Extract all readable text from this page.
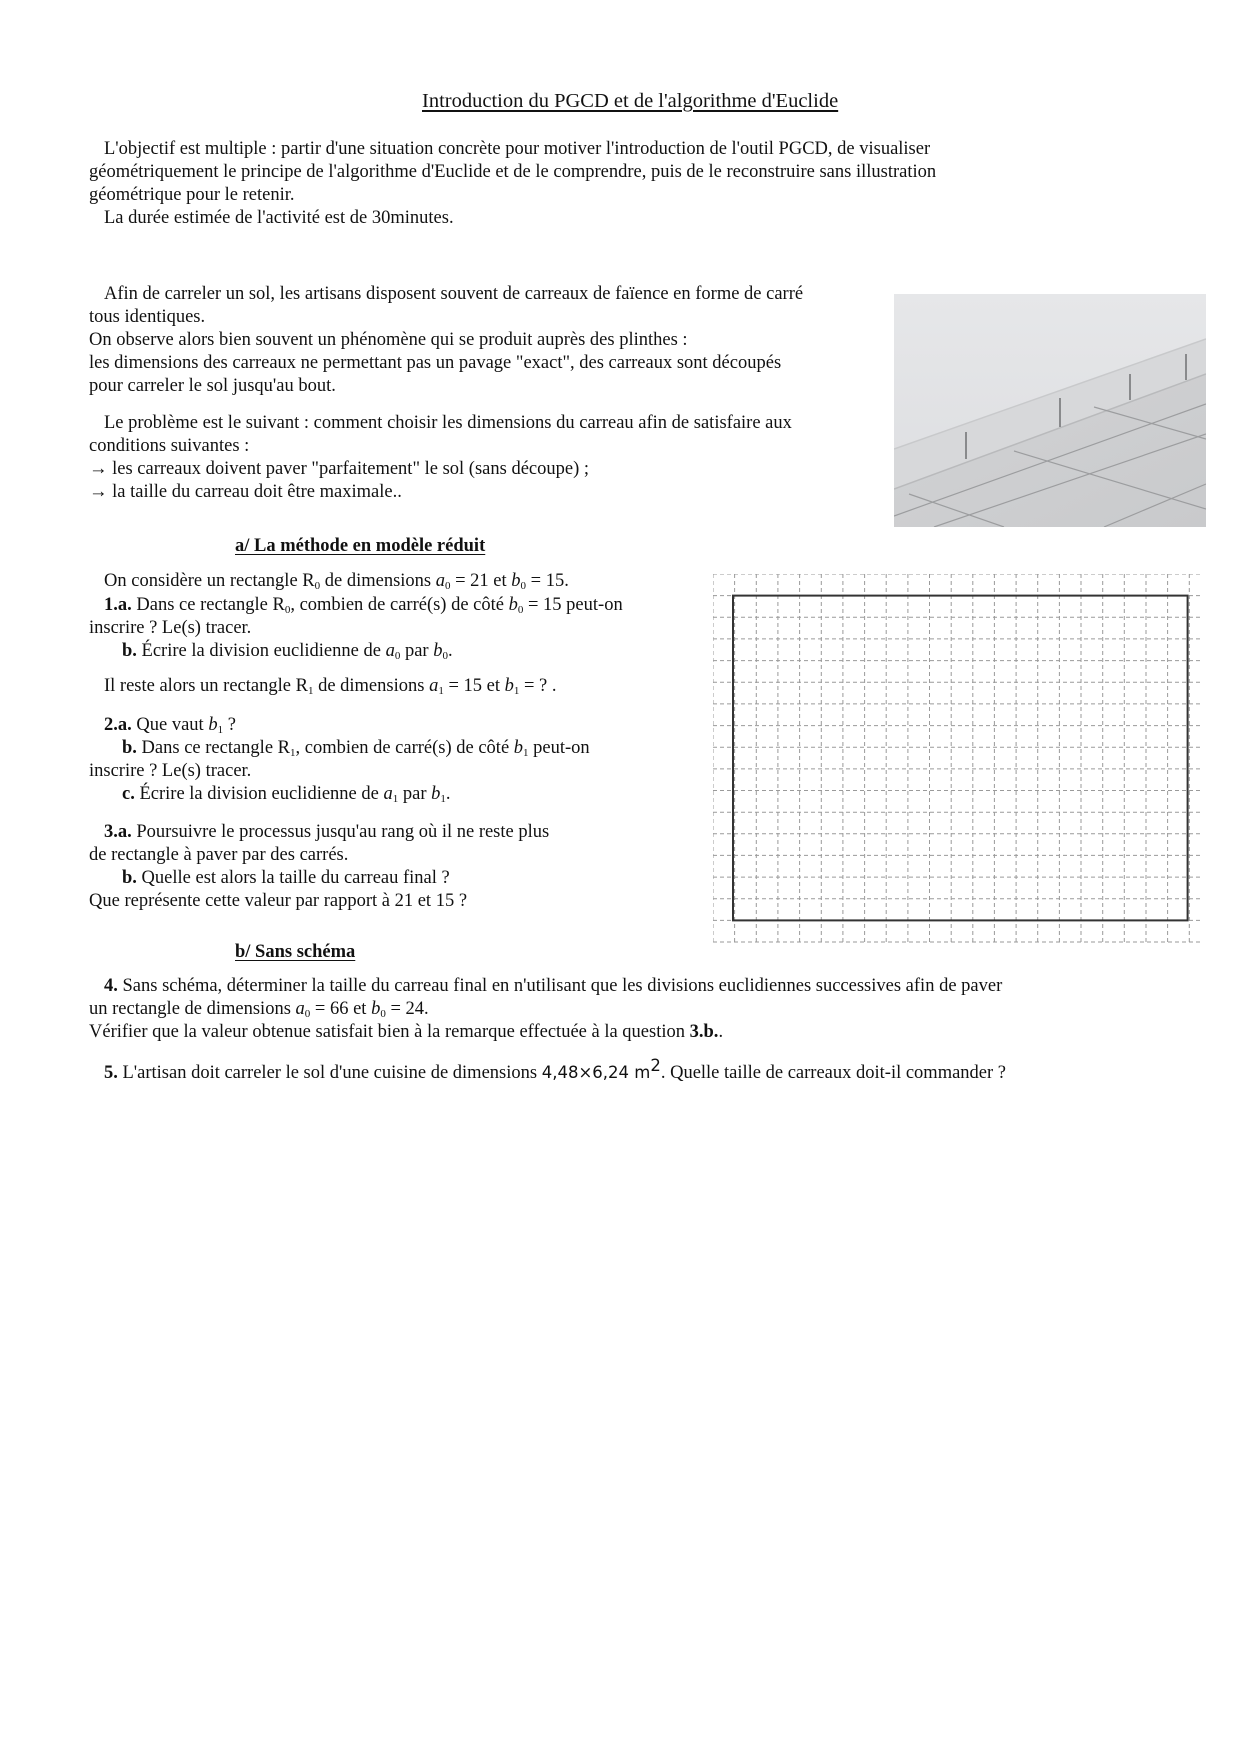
Introduction du PGCD et de l'algorithme d'Euclide
L'objectif est multiple : partir d'une situation concrète pour motiver l'introduction de l'outil PGCD, de visualiser
géométriquement le principe de l'algorithme d'Euclide et de le comprendre, puis de le reconstruire sans illustration
géométrique pour le retenir.
La durée estimée de l'activité est de 30minutes.
Afin de carreler un sol, les artisans disposent souvent de carreaux de faïence en forme de carré
tous identiques.
On observe alors bien souvent un phénomène qui se produit auprès des plinthes :
les dimensions des carreaux ne permettant pas un pavage "exact", des carreaux sont découpés
pour carreler le sol jusqu'au bout.
Le problème est le suivant : comment choisir les dimensions du carreau afin de satisfaire aux
conditions suivantes :
→ les carreaux doivent paver "parfaitement" le sol (sans découpe) ;
→ la taille du carreau doit être maximale..
a/ La méthode en modèle réduit
On considère un rectangle $R_0$ de dimensions $a_0 = 21$ et $b_0 = 15$.
1.a. Dans ce rectangle $R_0$, combien de carré(s) de côté $b_0 = 15$ peut-on
inscrire ? Le(s) tracer.
b. Écrire la division euclidienne de $a_0$ par $b_0$.
Il reste alors un rectangle $R_1$ de dimensions $a_1 = 15$ et $b_1$ = ? .
2.a. Que vaut $b_1$ ?
b. Dans ce rectangle $R_1$, combien de carré(s) de côté $b_1$ peut-on
inscrire ? Le(s) tracer.
c. Écrire la division euclidienne de $a_1$ par $b_1$.
3.a. Poursuivre le processus jusqu'au rang où il ne reste plus
de rectangle à paver par des carrés.
b. Quelle est alors la taille du carreau final ?
Que représente cette valeur par rapport à 21 et 15 ?
b/ Sans schéma
4. Sans schéma, déterminer la taille du carreau final en n'utilisant que les divisions euclidiennes successives afin de paver
un rectangle de dimensions $a_0 = 66$ et $b_0 = 24$.
Vérifier que la valeur obtenue satisfait bien à la remarque effectuée à la question 3.b..
5. L'artisan doit carreler le sol d'une cuisine de dimensions 4,48×6,24 $m^2$. Quelle taille de carreaux doit-il commander ?
